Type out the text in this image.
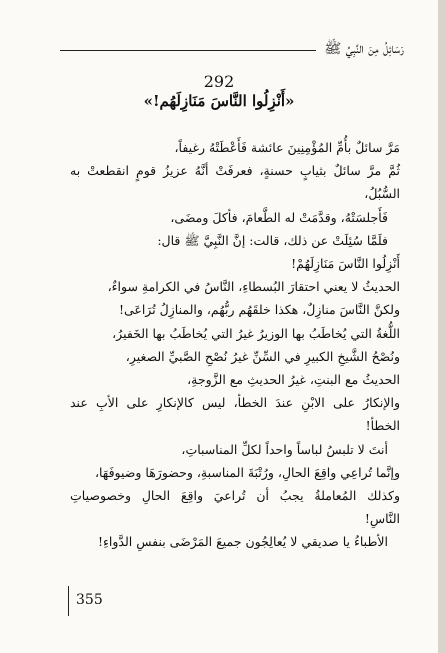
رَسَائِلُ مِنَ النَّبِيِّ ﷺ
292
«أَنْزِلُوا النَّاسَ مَنَازِلَهُم!»

مَرَّ سائلٌ بأُمِّ المُؤْمِنِينَ عائشة فَأَعْطَتْهُ رغيفاً،

ثُمَّ مرَّ سائلٌ بثيابٍ حسنةٍ، فعرفَتْ أنَّهُ عزيزُ قومٍ انقطعتْ به

السُّبُلُ،

فَأَجلسَتْهُ، وقدَّمَتْ له الطَّعامَ، فأكلَ ومضَى،

فلَمَّا سُئِلَتْ عن ذلك، قالت: إنَّ النَّبِيَّ ﷺ قال:

أَنْزِلُوا النَّاسَ مَنَازِلَهُمْ!

الحديثُ لا يعني احتقارَ البُسطاءِ، النَّاسُ في الكرامةِ سواءٌ،

ولكنَّ النَّاسَ منازِلٌ، هكذا خلقَهُم ربُّهُم، والمنازِلُ تُرَاعَى!

اللُّغةُ التي يُخاطَبُ بها الوزيرُ غيرُ التي يُخاطَبُ بها الخَفيرُ،

ونُصْحُ الشَّيخِ الكبيرِ في السِّنِّ غيرُ نُصْحِ الصَّبيِّ الصغيرِ،

الحديثُ مع البنتِ، غيرُ الحديثِ مع الزَّوجةِ،

والإنكارُ على الابْنِ عندَ الخطأ، ليس كالإنكارِ على الأبِ عند

الخطأ!

أنتَ لا تلبسُ لباساً واحداً لكلِّ المناسباتِ،

وإنَّما تُراعِي واقِعَ الحالِ، ورُتْبَةَ المناسبةِ، وحضورَهَا وضيوفَهَا،

وكذلك المُعاملةُ يجبُ أن تُراعيَ واقِعَ الحالِ وخصوصياتِ

النَّاسِ!

الأطباءُ يا صديقي لا يُعالِجُون جميعَ المَرْضَى بنفسِ الدَّواءِ!

355
